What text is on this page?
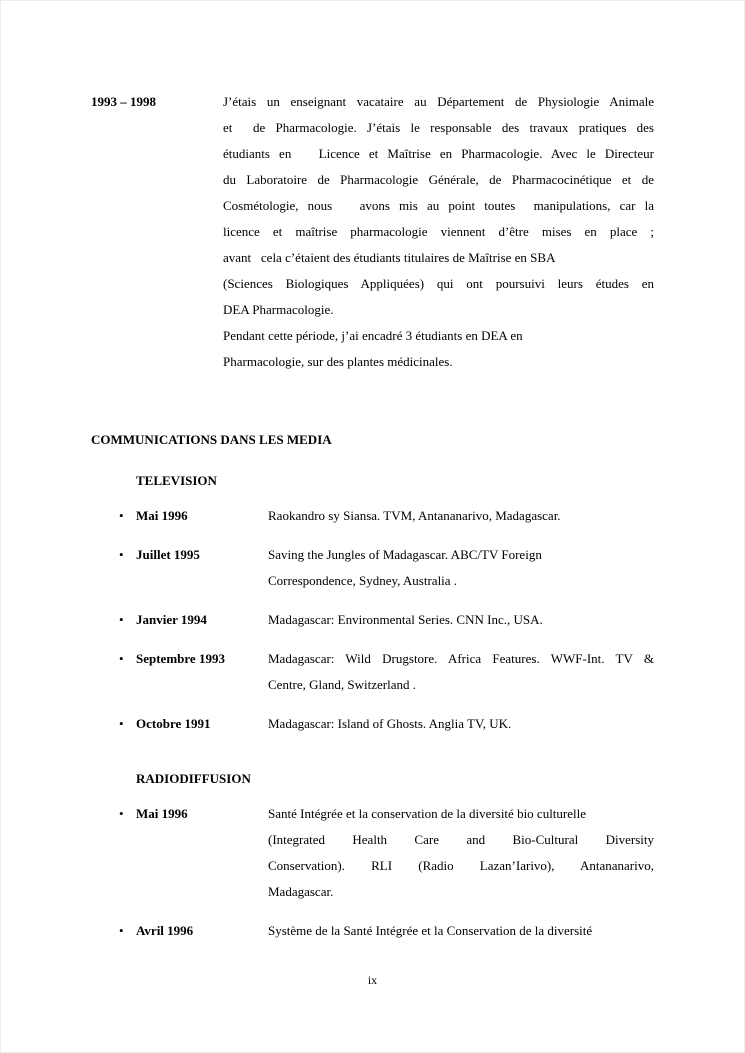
1993 – 1998	J’étais un enseignant vacataire au Département de Physiologie Animale
et  de Pharmacologie. J’étais le responsable des travaux pratiques des
étudiants en   Licence et Maîtrise en Pharmacologie. Avec le Directeur
du Laboratoire de Pharmacologie Générale, de Pharmacocinétique et de
Cosmétologie, nous   avons mis au point toutes  manipulations, car la
licence et maîtrise pharmacologie viennent d’être mises en place ;
avant   cela c’étaient des étudiants titulaires de Maîtrise en SBA
(Sciences Biologiques Appliquées) qui ont poursuivi leurs études en
DEA Pharmacologie.
Pendant cette période, j’ai encadré 3 étudiants en DEA en
Pharmacologie, sur des plantes médicinales.
COMMUNICATIONS DANS LES MEDIA
TELEVISION
• Mai 1996	Raokandro sy Siansa. TVM, Antananarivo, Madagascar.
• Juillet 1995	Saving the Jungles of Madagascar. ABC/TV Foreign
Correspondence, Sydney, Australia .
• Janvier 1994	Madagascar: Environmental Series. CNN Inc., USA.
• Septembre 1993	Madagascar: Wild Drugstore. Africa Features. WWF-Int. TV &
Centre, Gland, Switzerland .
• Octobre 1991	Madagascar: Island of Ghosts. Anglia TV, UK.
RADIODIFFUSION
• Mai 1996	Santé Intégrée et la conservation de la diversité bio culturelle
(Integrated Health Care and Bio-Cultural Diversity
Conservation). RLI (Radio Lazan’Iarivo), Antananarivo,
Madagascar.
• Avril 1996	Système de la Santé Intégrée et la Conservation de la diversité
ix
